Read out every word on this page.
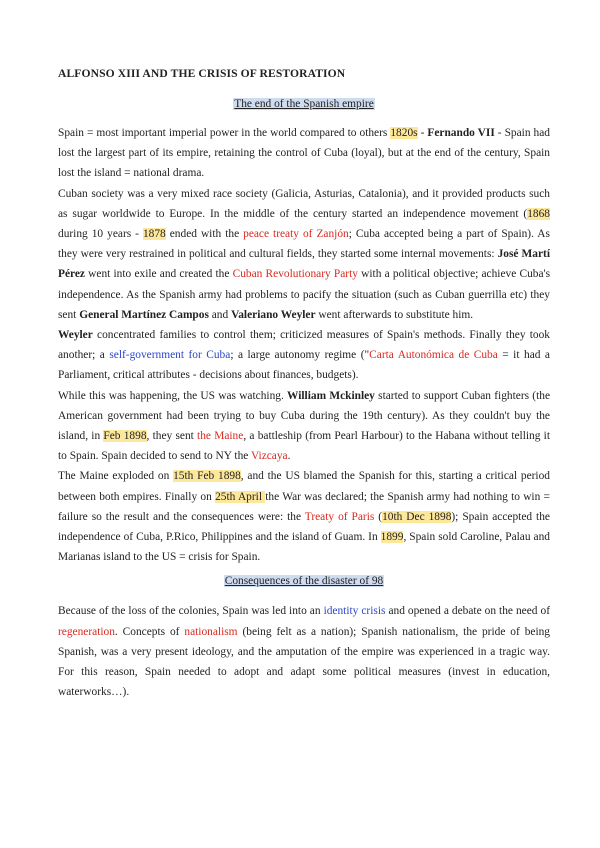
ALFONSO XIII AND THE CRISIS OF RESTORATION
The end of the Spanish empire

Spain = most important imperial power in the world compared to others 1820s - Fernando VII - Spain had lost the largest part of its empire, retaining the control of Cuba (loyal), but at the end of the century, Spain lost the island = national drama.

Cuban society was a very mixed race society (Galicia, Asturias, Catalonia), and it provided products such as sugar worldwide to Europe. In the middle of the century started an independence movement (1868 during 10 years - 1878 ended with the peace treaty of Zanjón; Cuba accepted being a part of Spain). As they were very restrained in political and cultural fields, they started some internal movements: José Martí Pérez went into exile and created the Cuban Revolutionary Party with a political objective; achieve Cuba's independence. As the Spanish army had problems to pacify the situation (such as Cuban guerrilla etc) they sent General Martínez Campos and Valeriano Weyler went afterwards to substitute him.

Weyler concentrated families to control them; criticized measures of Spain's methods. Finally they took another; a self-government for Cuba; a large autonomy regime ("Carta Autonómica de Cuba = it had a Parliament, critical attributes - decisions about finances, budgets).

While this was happening, the US was watching. William Mckinley started to support Cuban fighters (the American government had been trying to buy Cuba during the 19th century). As they couldn't buy the island, in Feb 1898, they sent the Maine, a battleship (from Pearl Harbour) to the Habana without telling it to Spain. Spain decided to send to NY the Vizcaya.

The Maine exploded on 15th Feb 1898, and the US blamed the Spanish for this, starting a critical period between both empires. Finally on 25th April the War was declared; the Spanish army had nothing to win = failure so the result and the consequences were: the Treaty of Paris (10th Dec 1898); Spain accepted the independence of Cuba, P.Rico, Philippines and the island of Guam. In 1899, Spain sold Caroline, Palau and Marianas island to the US = crisis for Spain.

Consequences of the disaster of 98

Because of the loss of the colonies, Spain was led into an identity crisis and opened a debate on the need of regeneration. Concepts of nationalism (being felt as a nation); Spanish nationalism, the pride of being Spanish, was a very present ideology, and the amputation of the empire was experienced in a tragic way. For this reason, Spain needed to adopt and adapt some political measures (invest in education, waterworks…).
